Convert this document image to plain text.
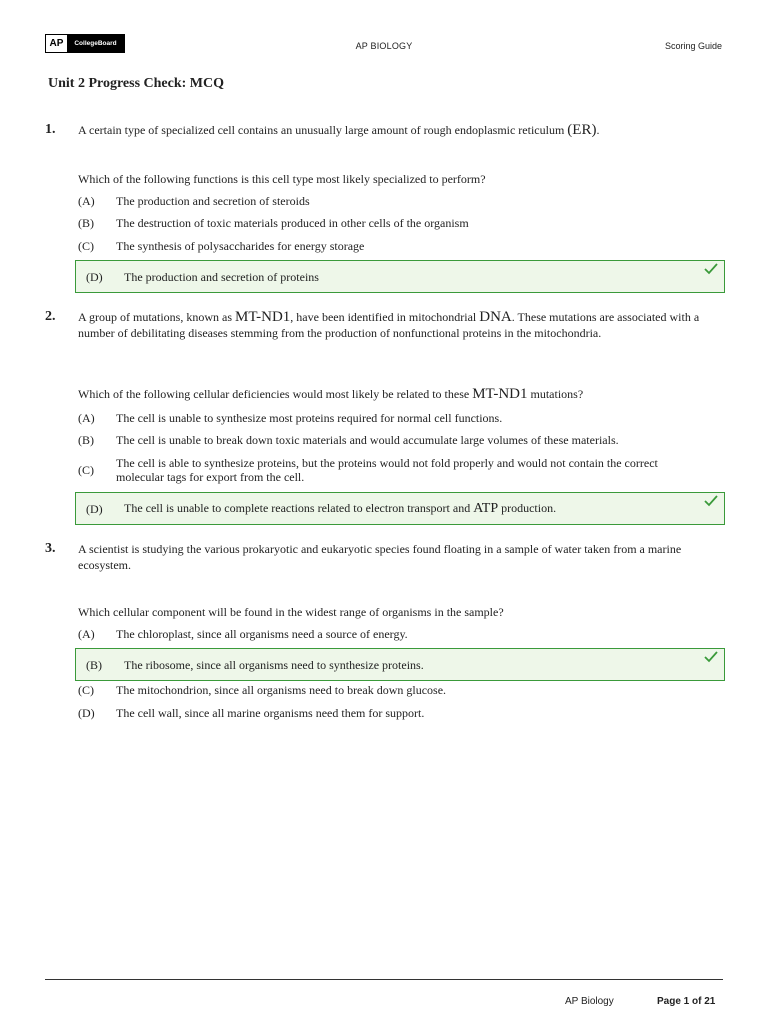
AP	CollegeBoard	AP BIOLOGY	Scoring Guide
Unit 2 Progress Check: MCQ
1. A certain type of specialized cell contains an unusually large amount of rough endoplasmic reticulum (ER).
Which of the following functions is this cell type most likely specialized to perform?
(A)	The production and secretion of steroids
(B)	The destruction of toxic materials produced in other cells of the organism
(C)	The synthesis of polysaccharides for energy storage
(D)	The production and secretion of proteins
2. A group of mutations, known as MT-ND1, have been identified in mitochondrial DNA. These mutations are associated with a number of debilitating diseases stemming from the production of nonfunctional proteins in the mitochondria.
Which of the following cellular deficiencies would most likely be related to these MT-ND1 mutations?
(A)	The cell is unable to synthesize most proteins required for normal cell functions.
(B)	The cell is unable to break down toxic materials and would accumulate large volumes of these materials.
(C)	The cell is able to synthesize proteins, but the proteins would not fold properly and would not contain the correct molecular tags for export from the cell.
(D)	The cell is unable to complete reactions related to electron transport and ATP production.
3. A scientist is studying the various prokaryotic and eukaryotic species found floating in a sample of water taken from a marine ecosystem.
Which cellular component will be found in the widest range of organisms in the sample?
(A)	The chloroplast, since all organisms need a source of energy.
(B)	The ribosome, since all organisms need to synthesize proteins.
(C)	The mitochondrion, since all organisms need to break down glucose.
(D)	The cell wall, since all marine organisms need them for support.
AP Biology	Page 1 of 21
